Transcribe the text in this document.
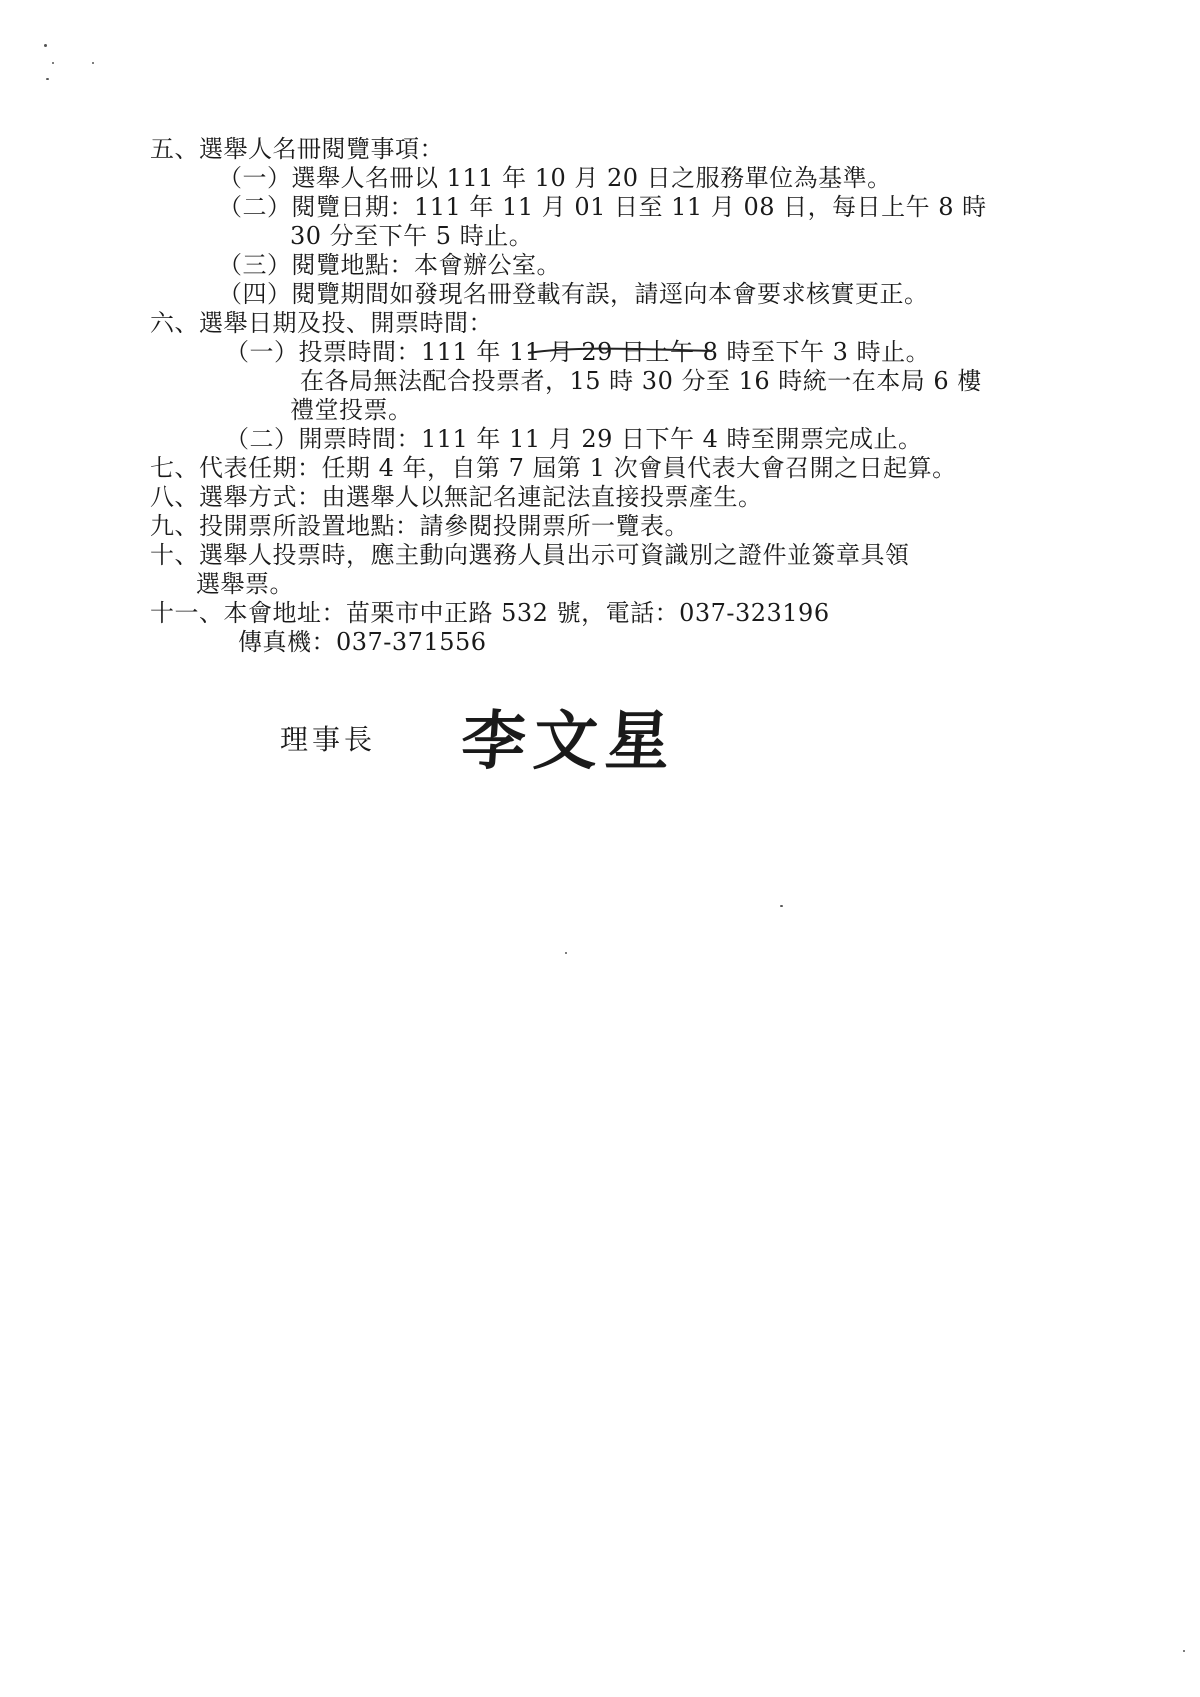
五、選舉人名冊閱覽事項：
（一）選舉人名冊以 111 年 10 月 20 日之服務單位為基準。
（二）閱覽日期：111 年 11 月 01 日至 11 月 08 日，每日上午 8 時
30 分至下午 5 時止。
（三）閱覽地點：本會辦公室。
（四）閱覽期間如發現名冊登載有誤，請逕向本會要求核實更正。
六、選舉日期及投、開票時間：
（一）投票時間：111 年 11 月 29 日上午 8 時至下午 3 時止。
在各局無法配合投票者，15 時 30 分至 16 時統一在本局 6 樓
禮堂投票。
（二）開票時間：111 年 11 月 29 日下午 4 時至開票完成止。
七、代表任期：任期 4 年，自第 7 屆第 1 次會員代表大會召開之日起算。
八、選舉方式：由選舉人以無記名連記法直接投票產生。
九、投開票所設置地點：請參閱投開票所一覽表。
十、選舉人投票時，應主動向選務人員出示可資識別之證件並簽章具領
選舉票。
十一、本會地址：苗栗市中正路 532 號，電話：037-323196
傳真機：037-371556
理事長 李文星
